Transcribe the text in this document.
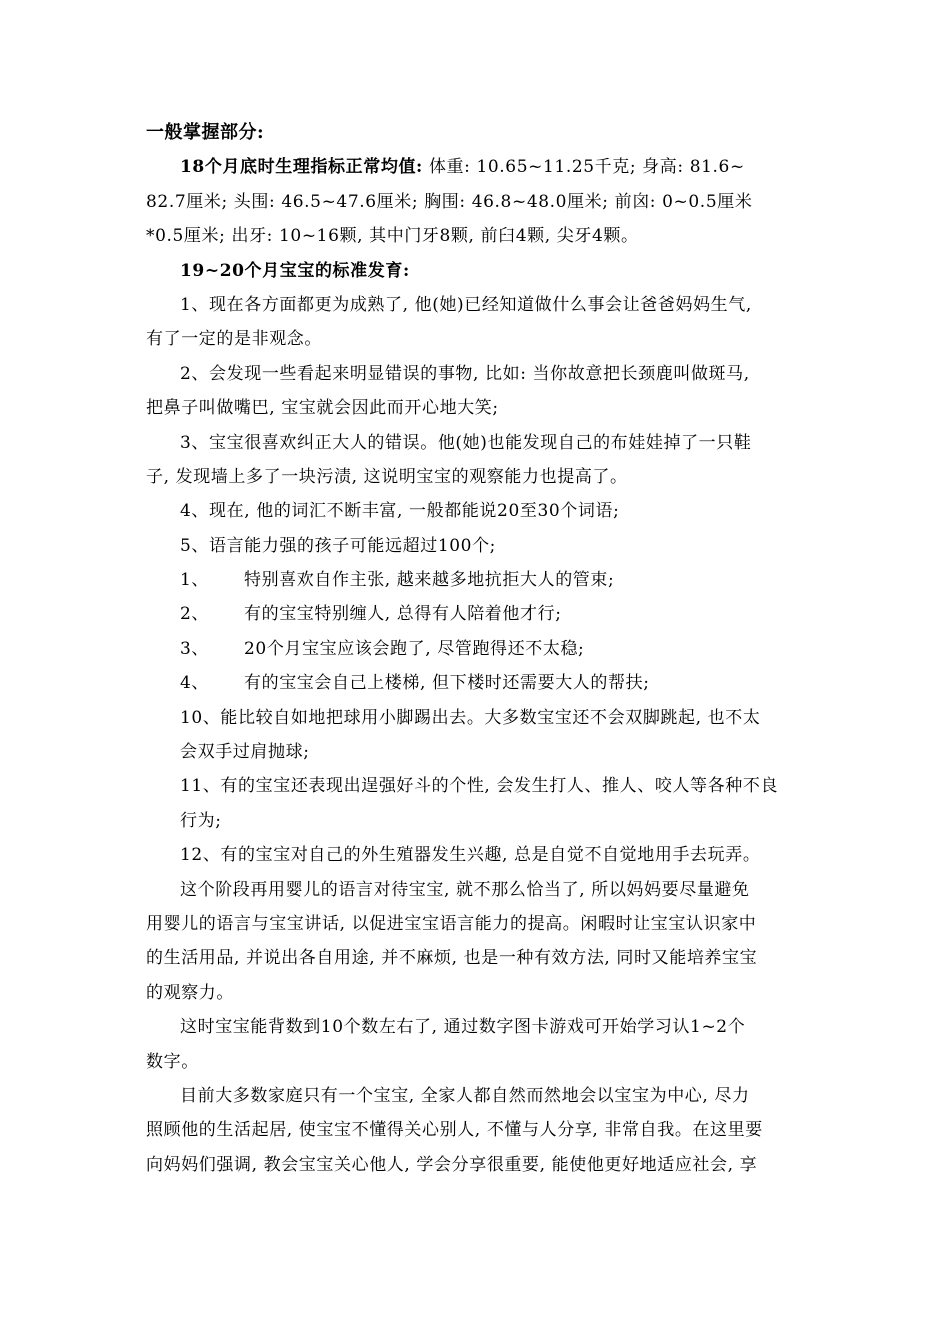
一般掌握部分:
18个月底时生理指标正常均值: 体重: 10.65~11.25千克; 身高: 81.6~
82.7厘米; 头围: 46.5~47.6厘米; 胸围: 46.8~48.0厘米; 前囟: 0~0.5厘米
*0.5厘米; 出牙: 10~16颗, 其中门牙8颗, 前臼4颗, 尖牙4颗。
19~20个月宝宝的标准发育:
1、现在各方面都更为成熟了, 他(她)已经知道做什么事会让爸爸妈妈生气,
有了一定的是非观念。
2、会发现一些看起来明显错误的事物, 比如: 当你故意把长颈鹿叫做斑马,
把鼻子叫做嘴巴, 宝宝就会因此而开心地大笑;
3、宝宝很喜欢纠正大人的错误。他(她)也能发现自己的布娃娃掉了一只鞋
子, 发现墙上多了一块污渍, 这说明宝宝的观察能力也提高了。
4、现在, 他的词汇不断丰富, 一般都能说20至30个词语;
5、语言能力强的孩子可能远超过100个;
1、 特别喜欢自作主张, 越来越多地抗拒大人的管束;
2、 有的宝宝特别缠人, 总得有人陪着他才行;
3、 20个月宝宝应该会跑了, 尽管跑得还不太稳;
4、 有的宝宝会自己上楼梯, 但下楼时还需要大人的帮扶;
10、能比较自如地把球用小脚踢出去。大多数宝宝还不会双脚跳起, 也不太
会双手过肩抛球;
11、有的宝宝还表现出逞强好斗的个性, 会发生打人、推人、咬人等各种不良
行为;
12、有的宝宝对自己的外生殖器发生兴趣, 总是自觉不自觉地用手去玩弄。
这个阶段再用婴儿的语言对待宝宝, 就不那么恰当了, 所以妈妈要尽量避免
用婴儿的语言与宝宝讲话, 以促进宝宝语言能力的提高。闲暇时让宝宝认识家中
的生活用品, 并说出各自用途, 并不麻烦, 也是一种有效方法, 同时又能培养宝宝
的观察力。
这时宝宝能背数到10个数左右了, 通过数字图卡游戏可开始学习认1~2个
数字。
目前大多数家庭只有一个宝宝, 全家人都自然而然地会以宝宝为中心, 尽力
照顾他的生活起居, 使宝宝不懂得关心别人, 不懂与人分享, 非常自我。在这里要
向妈妈们强调, 教会宝宝关心他人, 学会分享很重要, 能使他更好地适应社会, 享
